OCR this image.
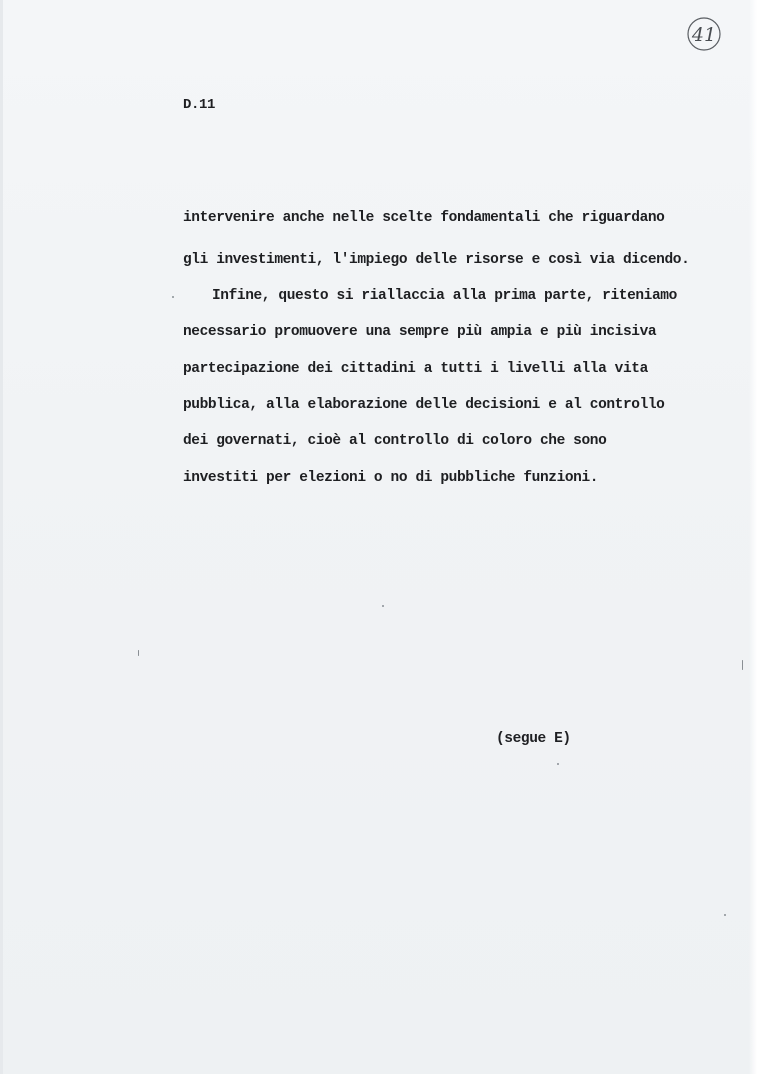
41
D.11
intervenire anche nelle scelte fondamentali che riguardano
gli investimenti, l'impiego delle risorse e così via dicendo.
Infine, questo si riallaccia alla prima parte, riteniamo
necessario promuovere una sempre più ampia e più incisiva
partecipazione dei cittadini a tutti i livelli alla vita
pubblica, alla elaborazione delle decisioni e al controllo
dei governati, cioè al controllo di coloro che sono
investiti per elezioni o no di pubbliche funzioni.
(segue E)
